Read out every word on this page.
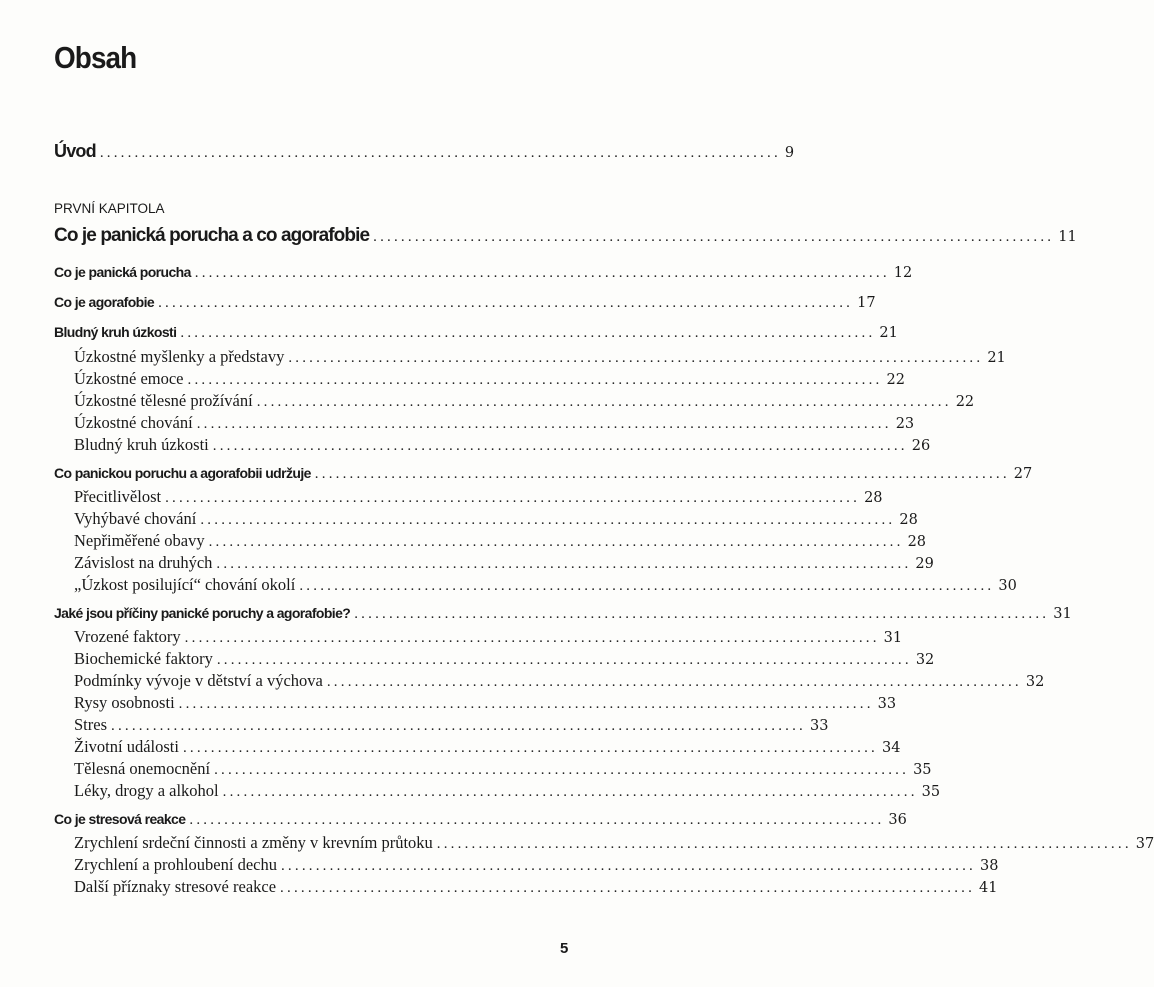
Obsah
Úvod .................................................................................................. 9
PRVNÍ KAPITOLA
Co je panická porucha a co agorafobie .................................................................................................. 11
Co je panická porucha .................................................................................................... 12
Co je agorafobie .................................................................................................... 17
Bludný kruh úzkosti .................................................................................................... 21
Úzkostné myšlenky a představy .................................................................................................... 21
Úzkostné emoce .................................................................................................... 22
Úzkostné tělesné prožívání .................................................................................................... 22
Úzkostné chování .................................................................................................... 23
Bludný kruh úzkosti .................................................................................................... 26
Co panickou poruchu a agorafobii udržuje .................................................................................................... 27
Přecitlivělost .................................................................................................... 28
Vyhýbavé chování .................................................................................................... 28
Nepřiměřené obavy .................................................................................................... 28
Závislost na druhých .................................................................................................... 29
„Úzkost posilující“ chování okolí .................................................................................................... 30
Jaké jsou příčiny panické poruchy a agorafobie? .................................................................................................... 31
Vrozené faktory .................................................................................................... 31
Biochemické faktory .................................................................................................... 32
Podmínky vývoje v dětství a výchova .................................................................................................... 32
Rysy osobnosti .................................................................................................... 33
Stres .................................................................................................... 33
Životní události .................................................................................................... 34
Tělesná onemocnění .................................................................................................... 35
Léky, drogy a alkohol .................................................................................................... 35
Co je stresová reakce .................................................................................................... 36
Zrychlení srdeční činnosti a změny v krevním průtoku .................................................................................................... 37
Zrychlení a prohloubení dechu .................................................................................................... 38
Další příznaky stresové reakce .................................................................................................... 41
5
